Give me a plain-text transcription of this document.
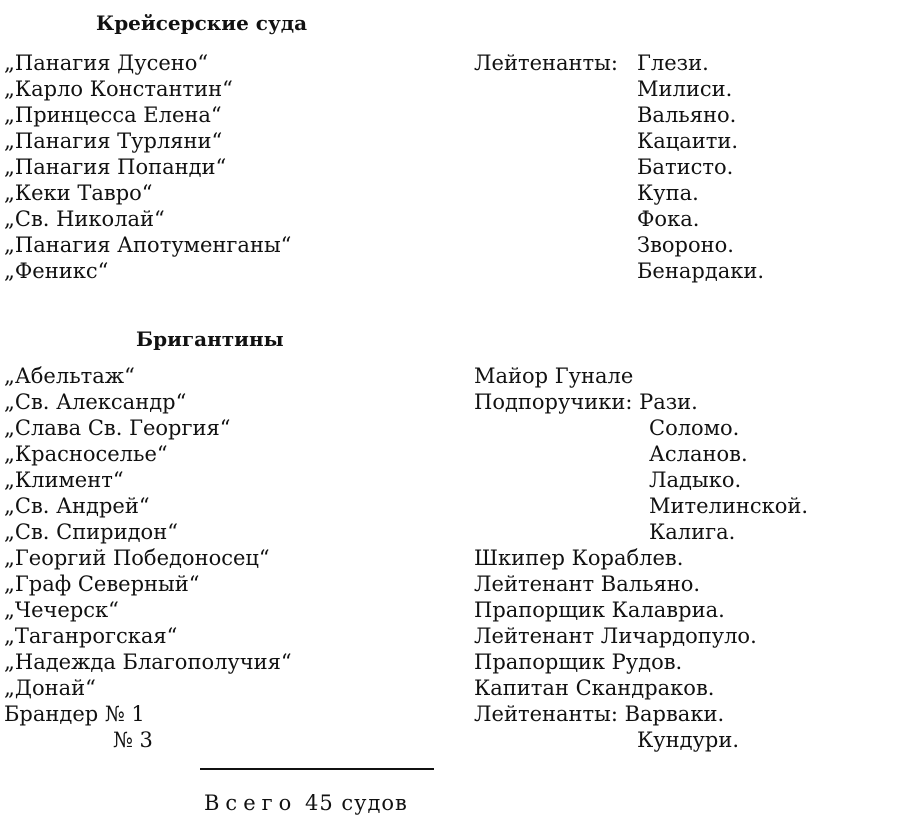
Крейсерские суда
„Панагия Дусено“
„Карло Константин“
„Принцесса Елена“
„Панагия Турляни“
„Панагия Попанди“
„Кеки Тавро“
„Св. Николай“
„Панагия Апотуменганы“
„Феникс“
Лейтенанты: Глези.
Милиси.
Вальяно.
Кацаити.
Батисто.
Купа.
Фока.
Звороно.
Бенардаки.
Бригантины
„Абельтаж“
„Св. Александр“
„Слава Св. Георгия“
„Красноселье“
„Климент“
„Св. Андрей“
„Св. Спиридон“
„Георгий Победоносец“
„Граф Северный“
„Чечерск“
„Таганрогская“
„Надежда Благополучия“
„Донай“
Брандер № 1
№ 3
Майор Гунале
Подпоручики: Рази.
Соломо.
Асланов.
Ладыко.
Мителинской.
Калига.
Шкипер Кораблев.
Лейтенант Вальяно.
Прапорщик Калавриа.
Лейтенант Личардопуло.
Прапорщик Рудов.
Капитан Скандраков.
Лейтенанты: Варваки.
Кундури.
Всего 45 судов
